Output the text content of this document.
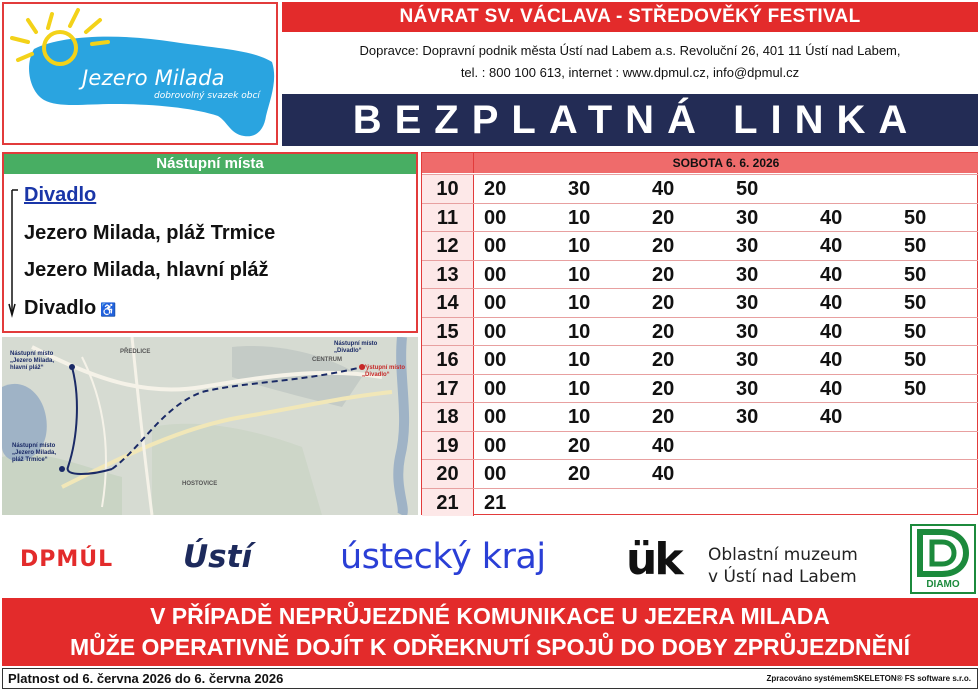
Jezero Milada
dobrovolný svazek obcí
NÁVRAT SV. VÁCLAVA - STŘEDOVĚKÝ FESTIVAL
Dopravce: Dopravní podnik města Ústí nad Labem a.s. Revoluční 26, 401 11 Ústí nad Labem,
tel. : 800 100 613, internet : www.dpmul.cz, info@dpmul.cz
BEZPLATNÁ LINKA
Nástupní místa
Divadlo
Jezero Milada, pláž Trmice
Jezero Milada, hlavní pláž
Divadlo ♿
Nástupní místo „Jezero Milada, hlavní pláž“
Nástupní místo „Jezero Milada, pláž Trmice“
Nástupní místo „Divadlo“
Výstupní místo „Divadlo“
PŘEDLICE
CENTRUM
HOSTOVICE
SOBOTA 6. 6. 2026
10	20	30	40	50
11	00	10	20	30	40	50
12	00	10	20	30	40	50
13	00	10	20	30	40	50
14	00	10	20	30	40	50
15	00	10	20	30	40	50
16	00	10	20	30	40	50
17	00	10	20	30	40	50
18	00	10	20	30	40
19	00	20	40
20	00	20	40
21	21
DPMÚL Ústí	ústecký kraj ük Oblastní muzeum
v Ústí nad Labem	DIAMO
V PŘÍPADĚ NEPRŮJEZDNÉ KOMUNIKACE U JEZERA MILADA
MŮŽE OPERATIVNĚ DOJÍT K ODŘEKNUTÍ SPOJŮ DO DOBY ZPRŮJEZDNĚNÍ
Platnost od 6. června 2026 do 6. června 2026	Zpracováno systémemSKELETON® FS software s.r.o.
